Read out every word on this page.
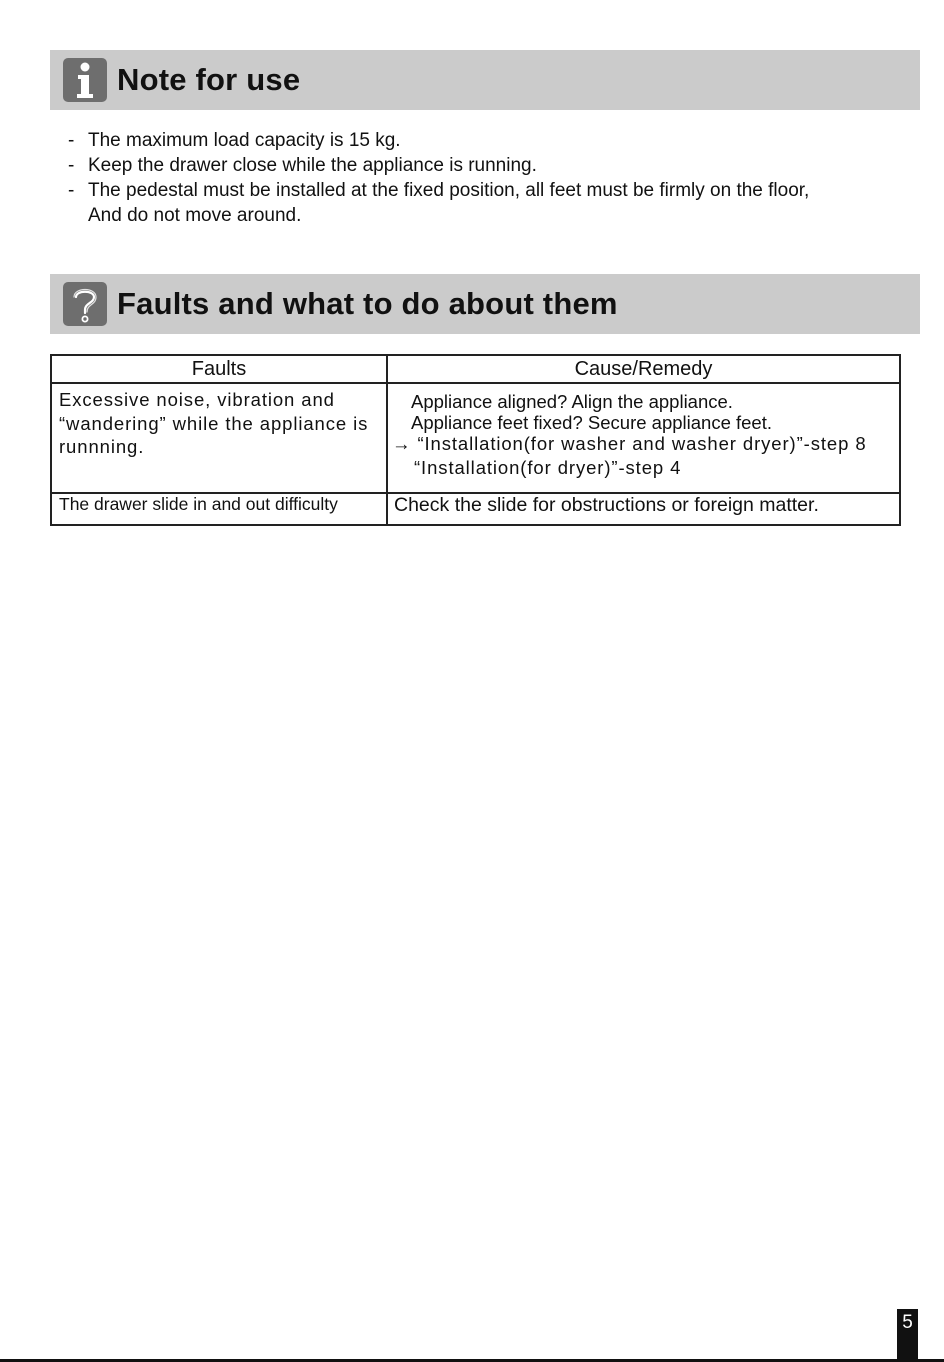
Note for use
- The maximum load capacity is 15 kg.
- Keep the drawer close while the appliance is running.
- The pedestal must be installed at the fixed position, all feet must be firmly on the floor,
And do not move around.
Faults and what to do about them
Faults	Cause/Remedy

Excessive noise, vibration and “wandering” while the appliance is runnning.	Appliance aligned? Align the appliance.
Appliance feet fixed? Secure appliance feet.
→ “Installation(for washer and washer dryer)”-step 8
“Installation(for dryer)”-step 4

The drawer slide in and out difficulty	Check the slide for obstructions or foreign matter.
5
